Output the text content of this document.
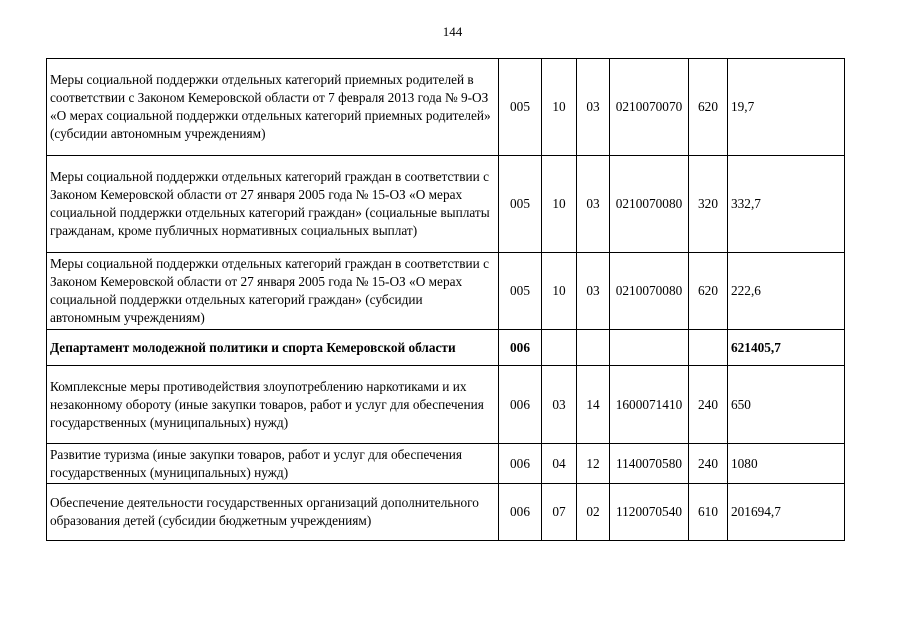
144
Меры социальной поддержки отдельных категорий приемных родителей в соответствии с Законом Кемеровской области от 7 февраля 2013 года № 9-ОЗ «О мерах социальной поддержки отдельных категорий приемных родителей» (субсидии автономным учреждениям)	005	10	03	0210070070	620	19,7
Меры социальной поддержки отдельных категорий граждан в соответствии с Законом Кемеровской области от 27 января 2005 года № 15-ОЗ «О мерах социальной поддержки отдельных категорий граждан» (социальные выплаты гражданам, кроме публичных нормативных социальных выплат)	005	10	03	0210070080	320	332,7
Меры социальной поддержки отдельных категорий граждан в соответствии с Законом Кемеровской области от 27 января 2005 года № 15-ОЗ «О мерах социальной поддержки отдельных категорий граждан» (субсидии автономным учреждениям)	005	10	03	0210070080	620	222,6
Департамент молодежной политики и спорта Кемеровской области	006					621405,7
Комплексные меры противодействия злоупотреблению наркотиками и их незаконному обороту (иные закупки товаров, работ и услуг для обеспечения государственных (муниципальных) нужд)	006	03	14	1600071410	240	650
Развитие туризма (иные закупки товаров, работ и услуг для обеспечения государственных (муниципальных) нужд)	006	04	12	1140070580	240	1080
Обеспечение деятельности государственных организаций дополнительного образования детей (субсидии бюджетным учреждениям)	006	07	02	1120070540	610	201694,7
